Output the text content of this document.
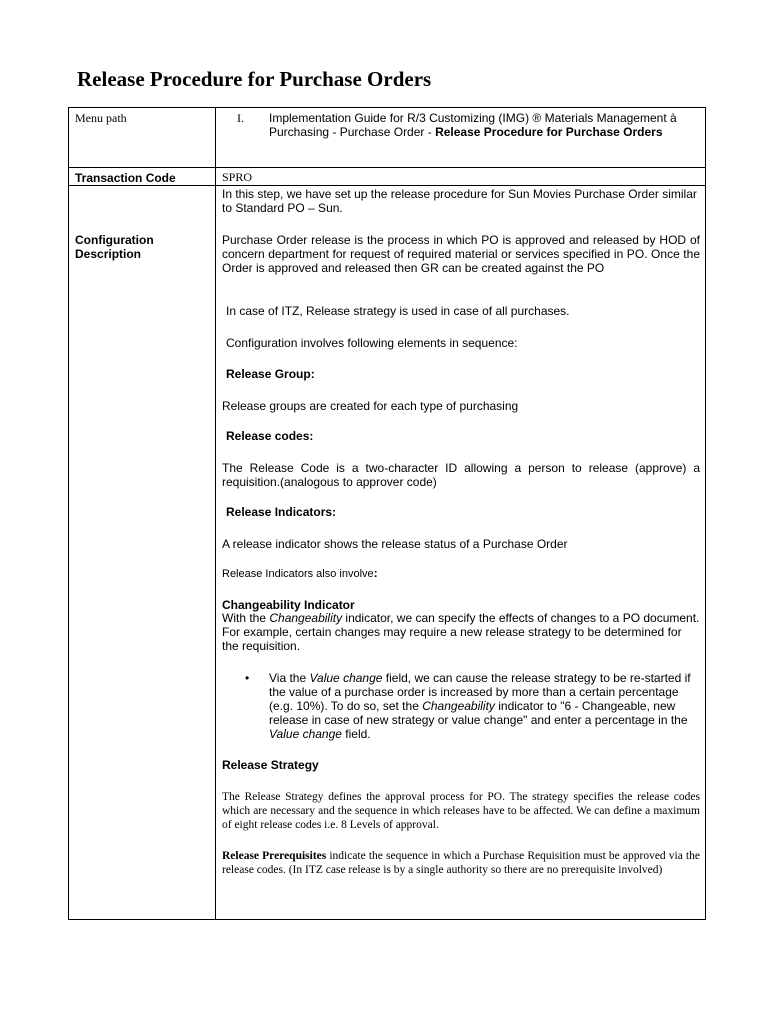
Release Procedure for Purchase Orders
Menu path	I. Implementation Guide for R/3 Customizing (IMG) ® Materials Management à Purchasing - Purchase Order - Release Procedure for Purchase Orders
Transaction Code	SPRO
Configuration Description
In this step, we have set up the release procedure for Sun Movies Purchase Order similar to Standard PO – Sun.
Purchase Order release is the process in which PO is approved and released by HOD of concern department for request of required material or services specified in PO. Once the Order is approved and released then GR can be created against the PO
In case of ITZ, Release strategy is used in case of all purchases.
Configuration involves following elements in sequence:
Release Group:
Release groups are created for each type of purchasing
Release codes:
The Release Code is a two-character ID allowing a person to release (approve) a requisition.(analogous to approver code)
Release Indicators:
A release indicator shows the release status of a Purchase Order
Release Indicators also involve:
Changeability Indicator
With the Changeability indicator, we can specify the effects of changes to a PO document. For example, certain changes may require a new release strategy to be determined for the requisition.
• Via the Value change field, we can cause the release strategy to be re-started if the value of a purchase order is increased by more than a certain percentage (e.g. 10%). To do so, set the Changeability indicator to "6 - Changeable, new release in case of new strategy or value change" and enter a percentage in the Value change field.
Release Strategy
The Release Strategy defines the approval process for PO. The strategy specifies the release codes which are necessary and the sequence in which releases have to be affected. We can define a maximum of eight release codes i.e. 8 Levels of approval.
Release Prerequisites indicate the sequence in which a Purchase Requisition must be approved via the release codes. (In ITZ case release is by a single authority so there are no prerequisite involved)
